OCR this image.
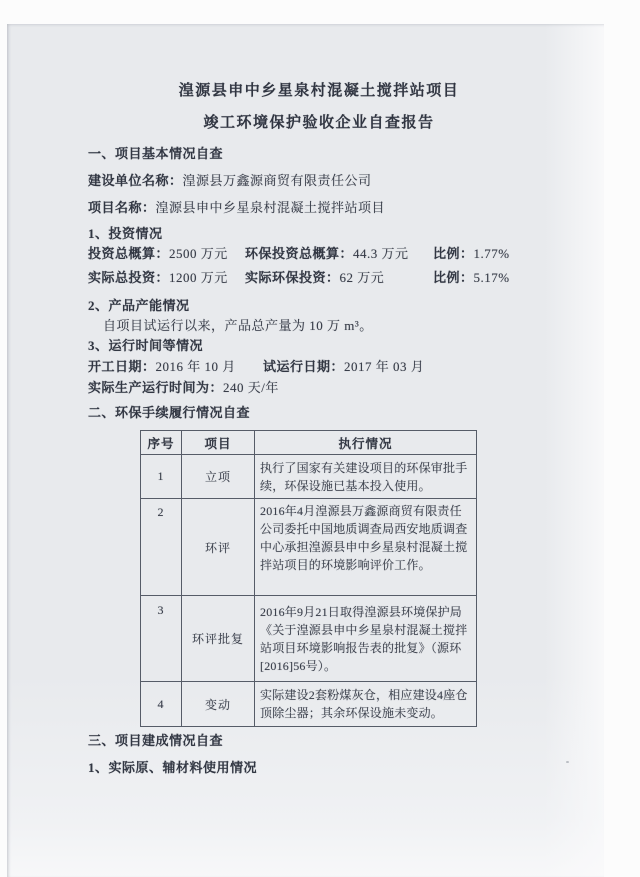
湟源县申中乡星泉村混凝土搅拌站项目
竣工环境保护验收企业自查报告
一、项目基本情况自查
建设单位名称：湟源县万鑫源商贸有限责任公司
项目名称：湟源县申中乡星泉村混凝土搅拌站项目
1、投资情况
投资总概算：2500 万元	环保投资总概算：44.3 万元	比例：1.77%
实际总投资：1200 万元	实际环保投资：62 万元	比例：5.17%
2、产品产能情况
自项目试运行以来，产品总产量为 10 万 m³。
3、运行时间等情况
开工日期：2016 年 10 月	试运行日期：2017 年 03 月
实际生产运行时间为：240 天/年
二、环保手续履行情况自查
序号	项目	执行情况
1	立项	执行了国家有关建设项目的环保审批手续，环保设施已基本投入使用。
2	环评	2016年4月湟源县万鑫源商贸有限责任公司委托中国地质调查局西安地质调查中心承担湟源县申中乡星泉村混凝土搅拌站项目的环境影响评价工作。
3	环评批复	2016年9月21日取得湟源县环境保护局《关于湟源县申中乡星泉村混凝土搅拌站项目环境影响报告表的批复》（源环[2016]56号）。
4	变动	实际建设2套粉煤灰仓，相应建设4座仓顶除尘器；其余环保设施未变动。
三、项目建成情况自查
1、实际原、辅材料使用情况
